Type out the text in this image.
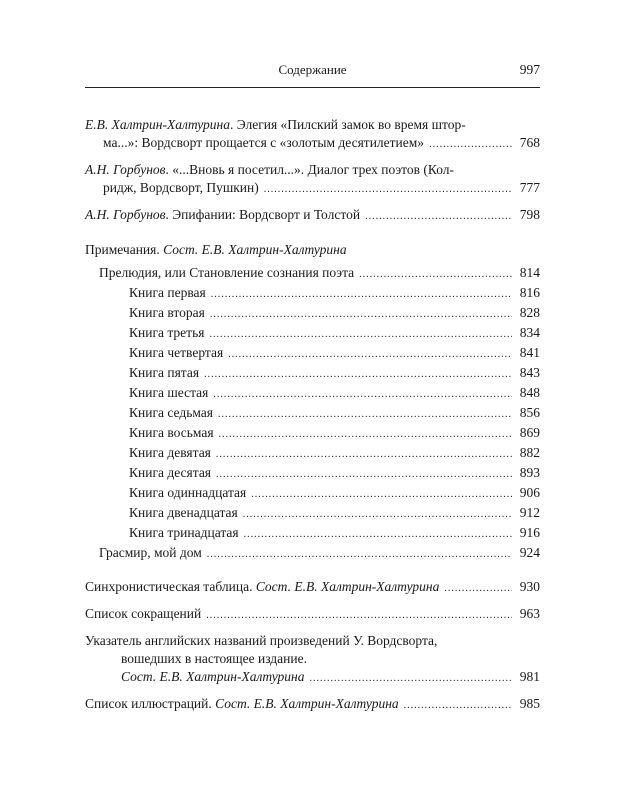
Содержание	997
Е.В. Халтрин-Халтурина. Элегия «Пилский замок во время штор-
ма...»: Вордсворт прощается с «золотым десятилетием» .....	768
А.Н. Горбунов. «...Вновь я посетил...». Диалог трех поэтов (Кол-
ридж, Вордсворт, Пушкин) .....	777
А.Н. Горбунов. Эпифании: Вордсворт и Толстой .....	798
Примечания. Сост. Е.В. Халтрин-Халтурина
Прелюдия, или Становление сознания поэта .....	814
Книга первая .....	816
Книга вторая .....	828
Книга третья .....	834
Книга четвертая .....	841
Книга пятая .....	843
Книга шестая .....	848
Книга седьмая .....	856
Книга восьмая .....	869
Книга девятая .....	882
Книга десятая .....	893
Книга одиннадцатая .....	906
Книга двенадцатая .....	912
Книга тринадцатая .....	916
Грасмир, мой дом .....	924
Синхронистическая таблица. Сост. Е.В. Халтрин-Халтурина .....	930
Список сокращений .....	963
Указатель английских названий произведений У. Вордсворта,
вошедших в настоящее издание.
Сост. Е.В. Халтрин-Халтурина .....	981
Список иллюстраций. Сост. Е.В. Халтрин-Халтурина .....	985
